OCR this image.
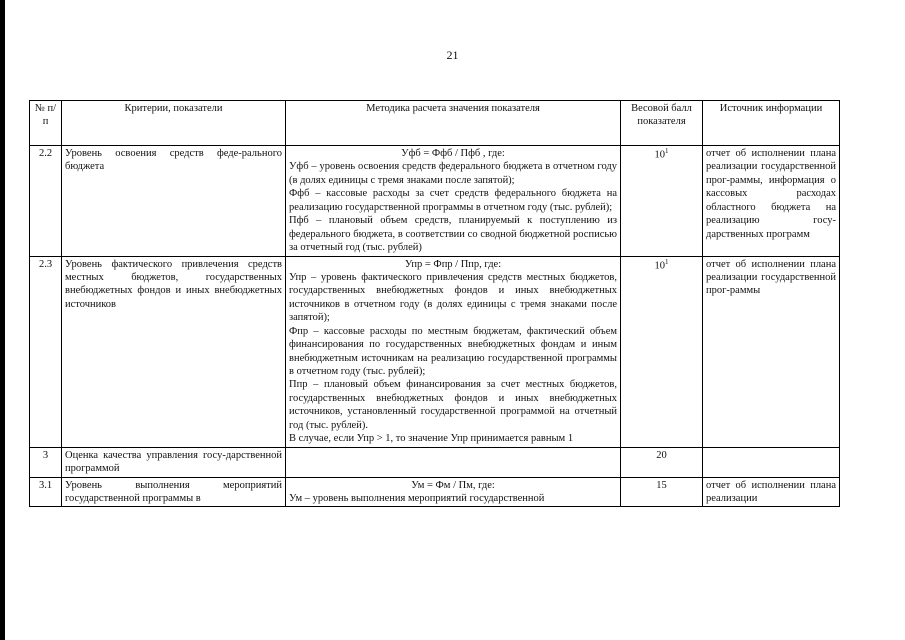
21
№ п/п	Критерии, показатели	Методика расчета значения показателя	Весовой балл показателя	Источник информации
2.2	Уровень освоения средств феде-рального бюджета	Уфб = Ффб / Пфб , где:
Уфб – уровень освоения средств федерального бюджета в отчетном году (в долях единицы с тремя знаками после запятой);
Ффб – кассовые расходы за счет средств федерального бюджета на реализацию государственной программы в отчетном году (тыс. рублей);
Пфб – плановый объем средств, планируемый к поступлению из федерального бюджета, в соответствии со сводной бюджетной росписью за отчетный год (тыс. рублей)	$10^1$	отчет об исполнении плана реализации государственной прог-раммы, информация о кассовых расходах областного бюджета на реализацию госу-дарственных программ
2.3	Уровень фактического привлечения средств местных бюджетов, государственных внебюджетных фондов и иных внебюджетных источников	Упр = Фпр / Ппр, где:
Упр – уровень фактического привлечения средств местных бюджетов, государственных внебюджетных фондов и иных внебюджетных источников в отчетном году (в долях единицы с тремя знаками после запятой);
Фпр – кассовые расходы по местным бюджетам, фактический объем финансирования по государственных внебюджетных фондам и иным внебюджетным источникам на реализацию государственной программы в отчетном году (тыс. рублей);
Ппр – плановый объем финансирования за счет местных бюджетов, государственных внебюджетных фондов и иных внебюджетных источников, установленный государственной программой на отчетный год (тыс. рублей).
В случае, если Упр > 1, то значение Упр принимается равным 1	$10^1$	отчет об исполнении плана реализации государственной прог-раммы
3	Оценка качества управления госу-дарственной программой		20	
3.1	Уровень выполнения мероприятий государственной программы в	Ум = Фм / Пм, где:
Ум – уровень выполнения мероприятий государственной	15	отчет об исполнении плана реализации
